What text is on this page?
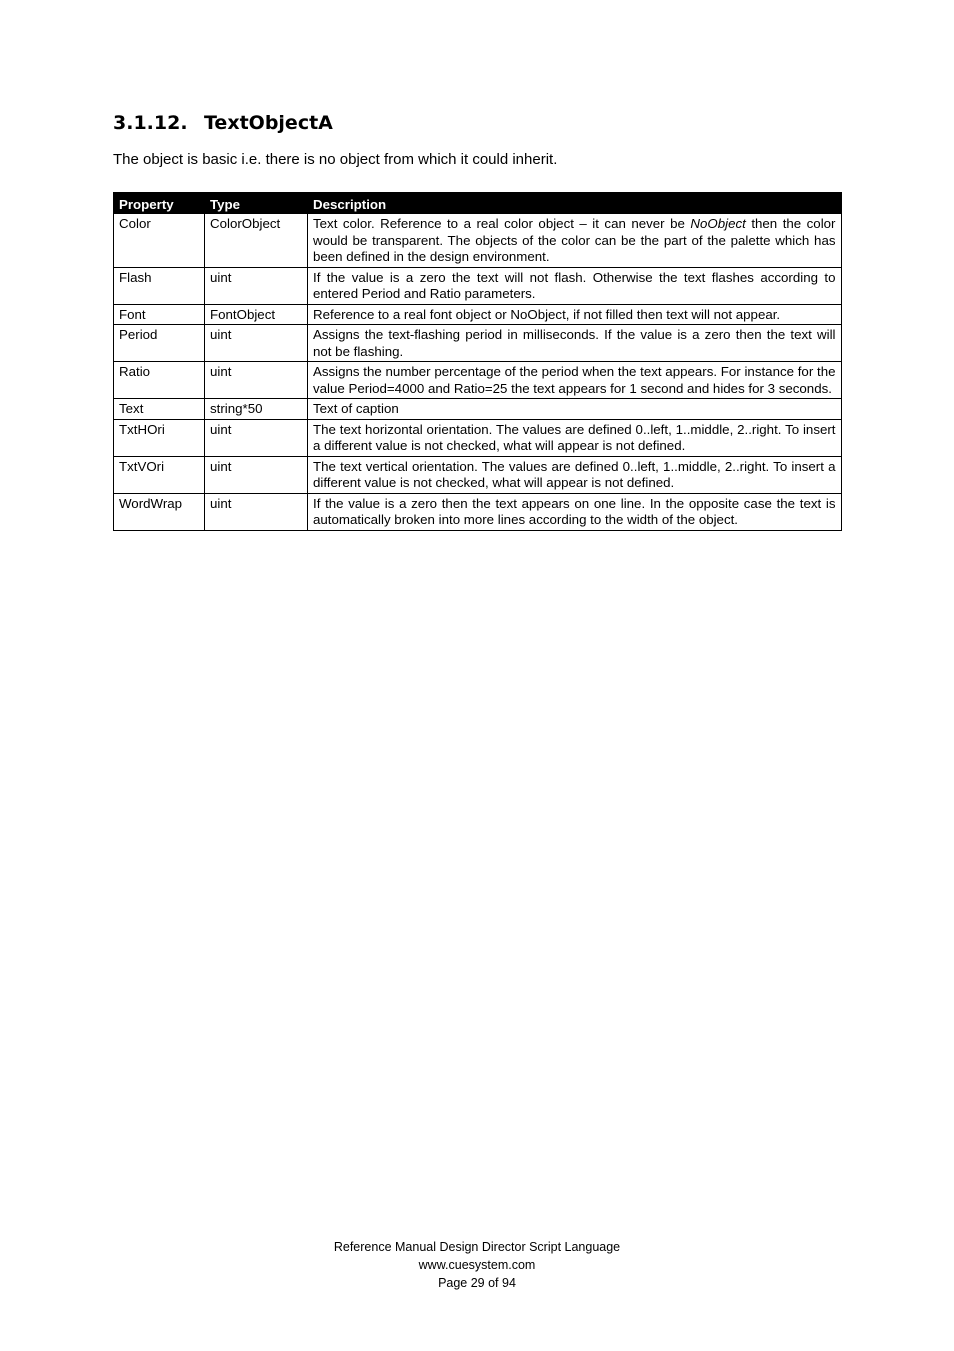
3.1.12. TextObjectA

The object is basic i.e. there is no object from which it could inherit.

Property	Type	Description
Color	ColorObject	Text color. Reference to a real color object – it can never be NoObject then the color would be transparent. The objects of the color can be the part of the palette which has been defined in the design environment.
Flash	uint	If the value is a zero the text will not flash. Otherwise the text flashes according to entered Period and Ratio parameters.
Font	FontObject	Reference to a real font object or NoObject, if not filled then text will not appear.
Period	uint	Assigns the text-flashing period in milliseconds. If the value is a zero then the text will not be flashing.
Ratio	uint	Assigns the number percentage of the period when the text appears. For instance for the value Period=4000 and Ratio=25 the text appears for 1 second and hides for 3 seconds.
Text	string*50	Text of caption
TxtHOri	uint	The text horizontal orientation. The values are defined 0..left, 1..middle, 2..right. To insert a different value is not checked, what will appear is not defined.
TxtVOri	uint	The text vertical orientation. The values are defined 0..left, 1..middle, 2..right. To insert a different value is not checked, what will appear is not defined.
WordWrap	uint	If the value is a zero then the text appears on one line. In the opposite case the text is automatically broken into more lines according to the width of the object.
Reference Manual Design Director Script Language
www.cuesystem.com
Page 29 of 94
